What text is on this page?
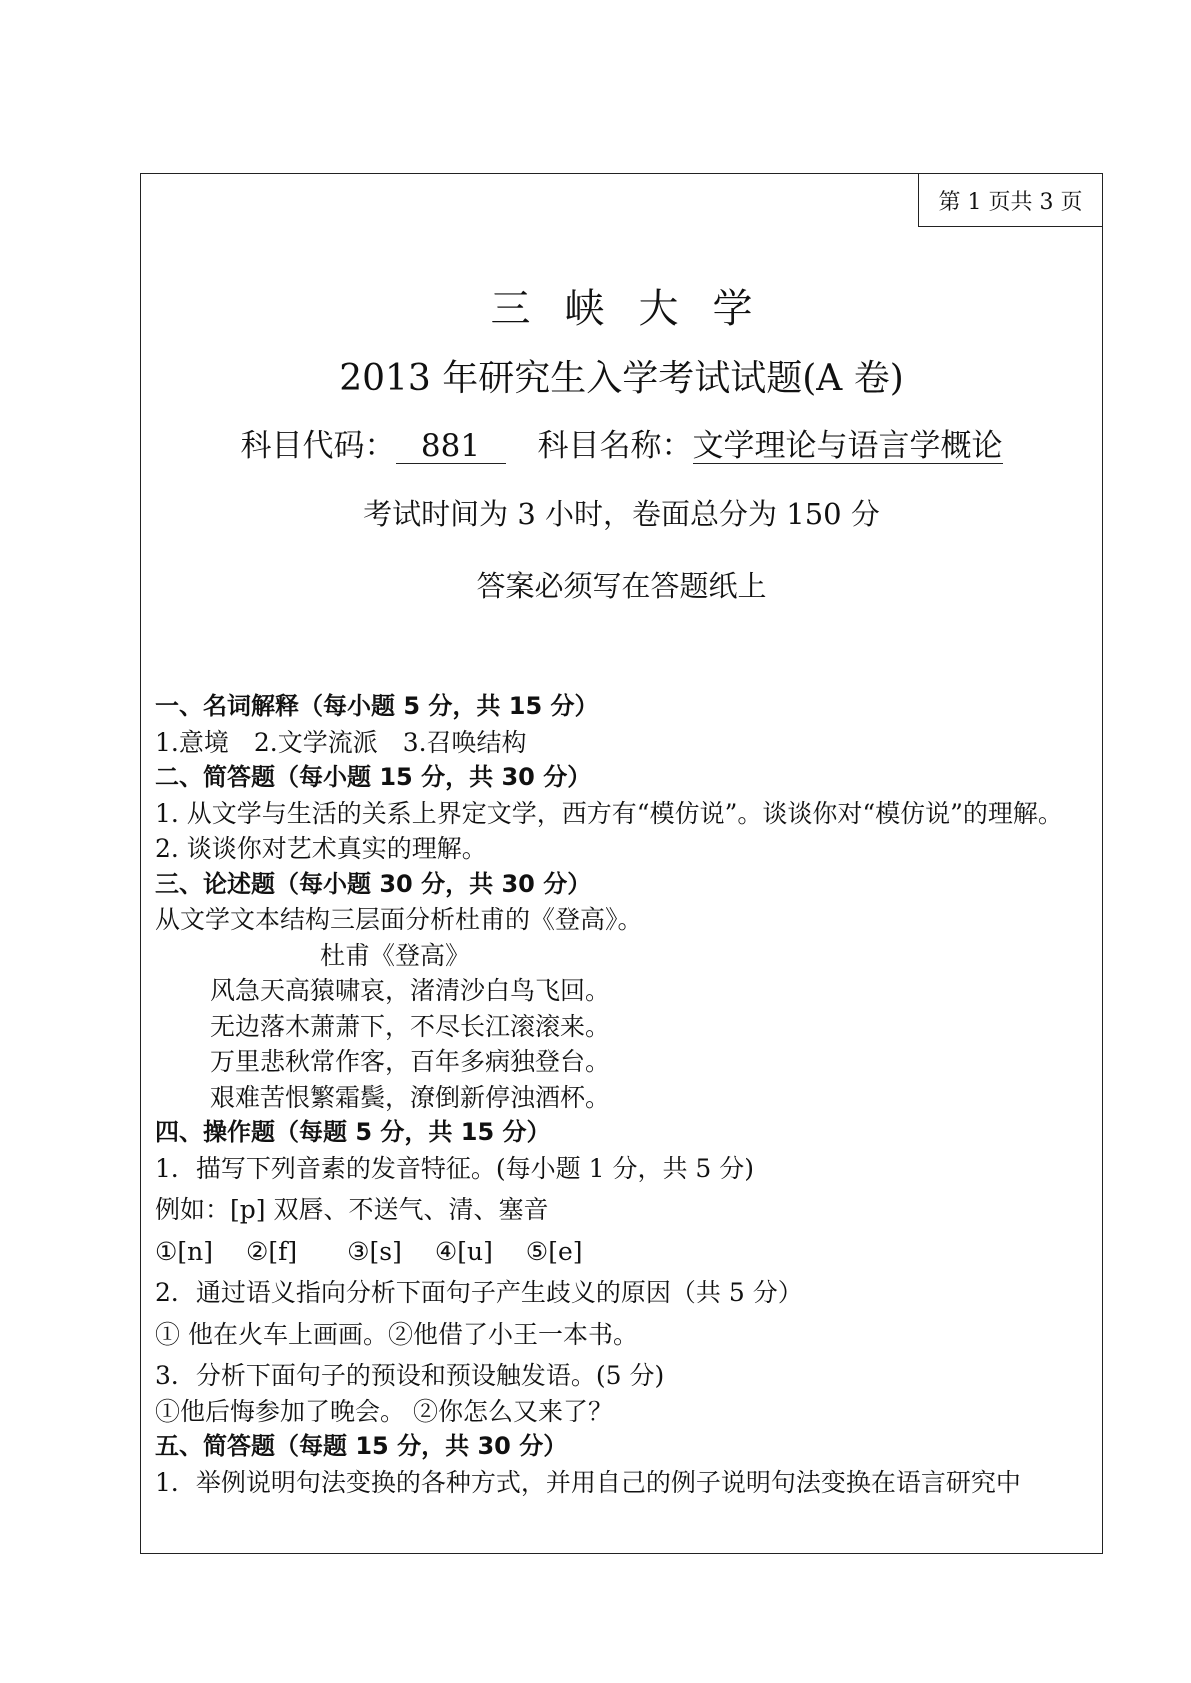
第 1 页共 3 页
三峡大学
2013 年研究生入学考试试题(A 卷)
科目代码： 881 科目名称：文学理论与语言学概论
考试时间为 3 小时，卷面总分为 150 分
答案必须写在答题纸上
一、名词解释（每小题 5 分，共 15 分）
1.意境　2.文学流派　3.召唤结构
二、简答题（每小题 15 分，共 30 分）
1. 从文学与生活的关系上界定文学，西方有“模仿说”。谈谈你对“模仿说”的理解。
2. 谈谈你对艺术真实的理解。
三、论述题（每小题 30 分，共 30 分）
从文学文本结构三层面分析杜甫的《登高》。
杜甫《登高》
风急天高猿啸哀，渚清沙白鸟飞回。
无边落木萧萧下，不尽长江滚滚来。
万里悲秋常作客，百年多病独登台。
艰难苦恨繁霜鬓，潦倒新停浊酒杯。
四、操作题（每题 5 分，共 15 分）
1．描写下列音素的发音特征。(每小题 1 分，共 5 分)
例如：[p] 双唇、不送气、清、塞音
①[n]　 ②[f]　　③[s]　 ④[u]　 ⑤[e]
2．通过语义指向分析下面句子产生歧义的原因（共 5 分）
① 他在火车上画画。②他借了小王一本书。
3．分析下面句子的预设和预设触发语。(5 分)
①他后悔参加了晚会。 ②你怎么又来了？
五、简答题（每题 15 分，共 30 分）
1．举例说明句法变换的各种方式，并用自己的例子说明句法变换在语言研究中
